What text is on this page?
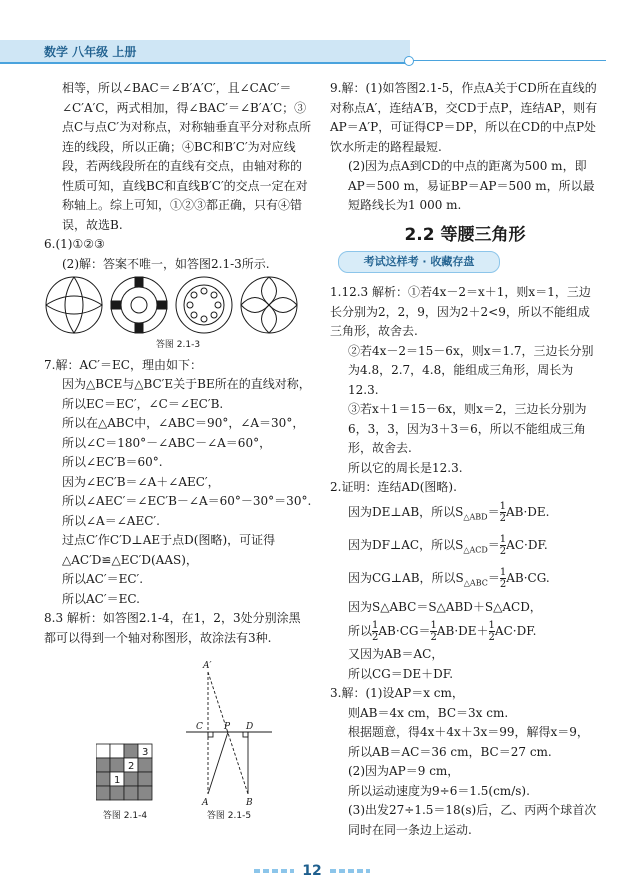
数学 八年级 上册

相等，所以∠BAC＝∠B′A′C′，且∠CAC′＝∠C′A′C，两式相加，得∠BAC′＝∠B′A′C；③点C与点C′为对称点，对称轴垂直平分对称点所连的线段，所以正确；④BC和B′C′为对应线段，若两线段所在的直线有交点，由轴对称的性质可知，直线BC和直线B′C′的交点一定在对称轴上。综上可知，①②③都正确，只有④错误，故选B.

6.(1)①②③

(2)解：答案不唯一，如答图2.1-3所示.

答图 2.1-3

7.解：AC′＝EC，理由如下：

因为△BCE与△BC′E关于BE所在的直线对称，

所以EC＝EC′，∠C＝∠EC′B.

所以在△ABC中，∠ABC＝90°，∠A＝30°，

所以∠C＝180°－∠ABC－∠A＝60°，

所以∠EC′B＝60°.

因为∠EC′B＝∠A＋∠AEC′，

所以∠AEC′＝∠EC′B－∠A＝60°－30°＝30°.

所以∠A＝∠AEC′.

过点C′作C′D⊥AE于点D(图略)，可证得△AC′D≌△EC′D(AAS)，

所以AC′＝EC′.

所以AC′＝EC.

8.3 解析：如答图2.1-4，在1，2，3处分别涂黑都可以得到一个轴对称图形，故涂法有3种.

1
2
3

答图 2.1-4

A′
C P D
A	B

答图 2.1-5

9.解：(1)如答图2.1-5，作点A关于CD所在直线的对称点A′，连结A′B，交CD于点P，连结AP，则有AP＝A′P，可证得CP＝DP，所以在CD的中点P处饮水所走的路程最短.

(2)因为点A到CD的中点的距离为500 m，即AP＝500 m，易证BP＝AP＝500 m，所以最短路线长为1 000 m.

2.2 等腰三角形
考试这样考 · 收藏存盘

1.12.3 解析：①若4x－2＝x＋1，则x＝1，三边长分别为2，2，9，因为2＋2<9，所以不能组成三角形，故舍去.

②若4x－2＝15－6x，则x＝1.7，三边长分别为4.8，2.7，4.8，能组成三角形，周长为12.3.

③若x＋1＝15－6x，则x＝2，三边长分别为6，3，3，因为3＋3＝6，所以不能组成三角形，故舍去.

所以它的周长是12.3.

2.证明：连结AD(图略).

因为DE⊥AB，所以$S_{\triangle ABD}= \frac{1}{2} AB\cdot DE$.

因为DF⊥AC，所以$S_{\triangle ACD}= \frac{1}{2} AC\cdot DF$.

因为CG⊥AB，所以$S_{\triangle ABC}= \frac{1}{2} AB\cdot CG$.

因为S△ABC＝S△ABD＋S△ACD，

所以 $\frac{1}{2} AB\cdot CG= \frac{1}{2} AB\cdot DE+ \frac{1}{2} AC\cdot DF$.

又因为AB＝AC，

所以CG＝DE＋DF.

3.解：(1)设AP＝x cm，

则AB＝4x cm，BC＝3x cm.

根据题意，得4x＋4x＋3x＝99，解得x＝9，

所以AB＝AC＝36 cm，BC＝27 cm.

(2)因为AP＝9 cm，

所以运动速度为9÷6＝1.5(cm/s).

(3)出发27÷1.5＝18(s)后，乙、丙两个球首次同时在同一条边上运动.

12
